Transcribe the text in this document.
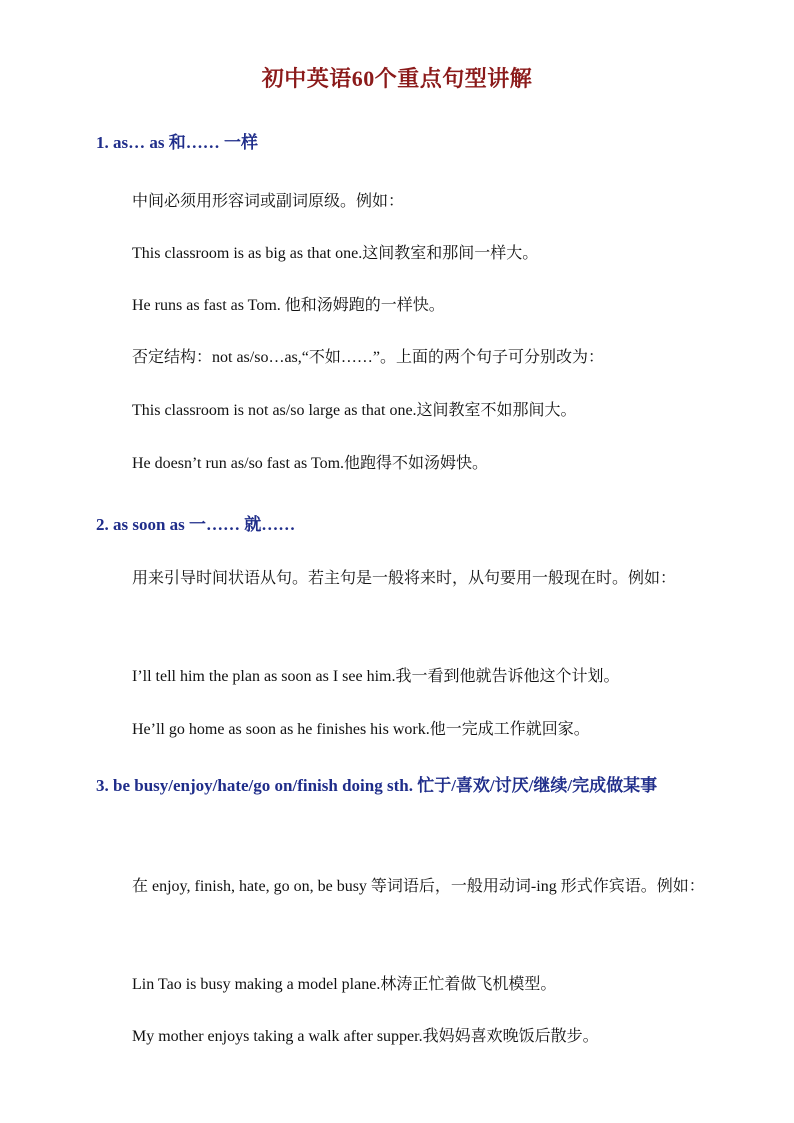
初中英语60个重点句型讲解
1. as… as 和…… 一样
中间必须用形容词或副词原级。例如：
This classroom is as big as that one.这间教室和那间一样大。
He runs as fast as Tom. 他和汤姆跑的一样快。
否定结构：not as/so…as,“不如……”。上面的两个句子可分别改为：
This classroom is not as/so large as that one.这间教室不如那间大。
He doesn’t run as/so fast as Tom.他跑得不如汤姆快。
2. as soon as 一…… 就……
用来引导时间状语从句。若主句是一般将来时，从句要用一般现在时。例如：
I’ll tell him the plan as soon as I see him.我一看到他就告诉他这个计划。
He’ll go home as soon as he finishes his work.他一完成工作就回家。
3. be busy/enjoy/hate/go on/finish doing sth. 忙于/喜欢/讨厌/继续/完成做某事
在 enjoy, finish, hate, go on, be busy 等词语后，一般用动词-ing 形式作宾语。例如：
Lin Tao is busy making a model plane.林涛正忙着做飞机模型。
My mother enjoys taking a walk after supper.我妈妈喜欢晚饭后散步。
